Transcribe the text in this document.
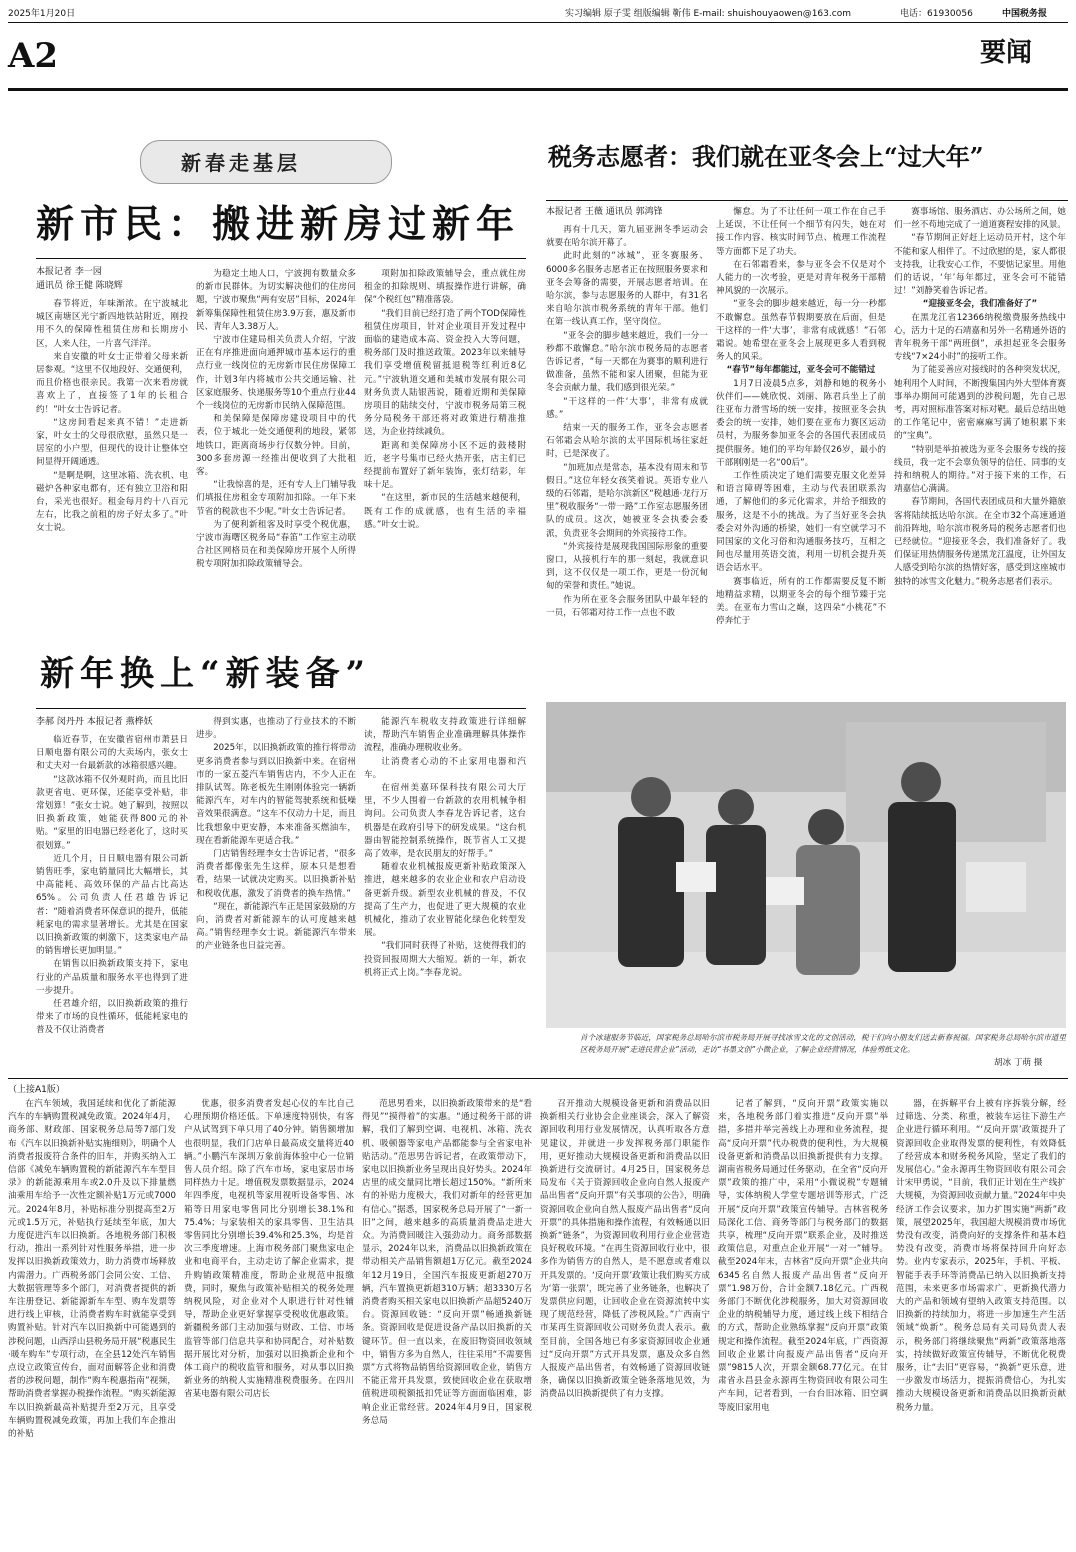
2025年1月20日	实习编辑 原子雯 组版编辑 靳伟 E-mail: shuishouyaowen@163.com	电话：61930056	中国税务报
A2	要闻
新春走基层
新市民：搬进新房过新年
本报记者 李一园
通讯员 徐王健 陈晓辉

春节将近，年味渐浓。在宁波城北城区南塘区光宁新四地铁站附近，刚投用不久的保障性租赁住房和长期房小区，人来人往，一片喜气洋洋。

来自安徽的叶女士正带着父母来新居参观。“这里不仅地段好、交通便利，而且价格也很亲民。我第一次来看房就喜欢上了，直接签了1年的长租合约！”叶女士告诉记者。

“这房间看起来真不错！”走进新家，叶女士的父母很欣慰，虽然只是一居室的小户型，但现代的设计让整体空间显得开阔通透。

“是啊是啊，这里冰箱、洗衣机、电磁炉各种家电都有，还有独立卫浴和阳台，采光也很好。租金每月约十八百元左右，比我之前租的房子好太多了。”叶女士说。

为稳定土地人口，宁波拥有数量众多的新市民群体。为切实解决他们的住房问题，宁波市聚焦“两有安居”目标，2024年新筹集保障性租赁住房3.9万套，惠及新市民、青年人3.38万人。

宁波市住建局相关负责人介绍，宁波正在有序推进面向通押城市基本运行的重点行业一线岗位的无房新市民住房保障工作，计划3年内将城市公共交通运输、社区家庭服务、快递服务等10个重点行业44个一线岗位的无房新市民纳入保障范围。

和美保障是保障房建设项目中的代表，位于城北一处交通便利的地段，紧邻地铁口，距离商场步行仅数分钟。目前，300多套房源一经推出便收到了大批租客。

“让我惊喜的是，还有专人上门辅导我们填报住房租金专项附加扣除。一年下来节省的税款也不少呢。”叶女士告诉记者。

为了便利新租客及时享受个税优惠，宁波市海曙区税务局“春笛”工作室主动联合社区网格员在和美保障房开展个人所得税专项附加扣除政策辅导会。

项附加扣除政策辅导会，重点就住房租金的扣除规则、填报操作进行讲解，确保“个税红包”精准落袋。

“我们目前已经打造了两个TOD保障性租赁住房项目，针对企业项目开发过程中面临的建造成本高、资金投入大等问题，税务部门及时推送政策。2023年以来辅导我们享受增值税留抵退税等红利近8亿元。”宁波轨道交通和美城市发展有限公司财务负责人陆银茜说，随着近期和美保障房项目的陆续交付，宁波市税务局第三税务分局税务干部还将对政策进行精准推送，为企业持续减负。

距离和美保障房小区不远的鼓楼附近，老字号集市已经火热开张，店主们已经提前布置好了新年装饰，张灯结彩，年味十足。

“在这里，新市民的生活越来越便利，既有工作的成就感，也有生活的幸福感。”叶女士说。

新年换上“新装备”
李郝 闵丹丹 本报记者 燕桦妖

临近春节，在安徽省宿州市萧县日日顺电器有限公司的大卖场内，张女士和丈夫对一台最新款的冰箱很感兴趣。

“这款冰箱不仅外观时尚，而且比旧款更省电、更环保，还能享受补贴，非常划算！”张女士说。她了解到，按照以旧换新政策，她能获得800元的补贴。“家里的旧电器已经老化了，这时买很划算。”

近几个月，日日顺电器有限公司新销售旺季，家电销量同比大幅增长，其中高能耗、高效环保的产品占比高达65%。公司负责人任君雄告诉记者：“随着消费者环保意识的提升，低能耗家电的需求显著增长。尤其是在国家以旧换新政策的刺激下，这类家电产品的销售增长更加明显。”

在销售以旧换新政策支持下，家电行业的产品质量和服务水平也得到了进一步提升。

任君雄介绍，以旧换新政策的推行带来了市场的良性循环，低能耗家电的普及不仅让消费者

得到实惠，也推动了行业技术的不断进步。

2025年，以旧换新政策的推行将带动更多消费者参与到以旧换新中来。在宿州市的一家五菱汽车销售店内，不少人正在排队试驾。陈老板先生刚刚体验完一辆新能源汽车，对车内的智能驾驶系统和低噪音效果很满意。“这车不仅动力十足，而且比我想象中更安静，本来准备买燃油车，现在看新能源车更适合我。”

门店销售经理李女士告诉记者，“很多消费者都像张先生这样，原本只是想看看，结果一试就决定购买。以旧换新补贴和税收优惠，激发了消费者的换车热情。”

“现在，新能源汽车正是国家鼓励的方向，消费者对新能源车的认可度越来越高。”销售经理李女士说。新能源汽车带来的产业链条也日益完善。

能源汽车税收支持政策进行详细解读，帮助汽车销售企业准确理解具体操作流程，准确办理税收业务。

让消费者心动的不止家用电器和汽车。

在宿州美嘉环保科技有限公司大厅里，不少人围着一台新款的农用机械争相询问。公司负责人李春龙告诉记者，这台机器是在政府引导下的研发成果。“这台机器由智能控制系统操作，既节省人工又提高了效率，是农民朋友的好帮手。”

随着农业机械报废更新补贴政策深入推进，越来越多的农业企业和农户启动设备更新升级。新型农业机械的普及，不仅提高了生产力，也促进了更大规模的农业机械化，推动了农业智能化绿色化转型发展。

“我们同时获得了补贴，这使得我们的投资回报周期大大缩短。新的一年，新农机将正式上岗。”李春龙说。

税务志愿者：我们就在亚冬会上“过大年”
本报记者 王薇 通讯员 郭鸿锋

再有十几天，第九届亚洲冬季运动会就要在哈尔滨开幕了。

此时此刻的“冰城”，亚冬赛服务、6000多名服务志愿者正在按照服务要求和亚冬会筹备的需要，开展志愿者培训。在哈尔滨，参与志愿服务的人群中，有31名来自哈尔滨市税务系统的青年干部。他们在第一线认真工作，坚守岗位。

“亚冬会的脚步越来越近，我们一分一秒都不敢懈怠。”哈尔滨市税务局的志愿者告诉记者，“每一天都在为赛事的顺利进行做准备，虽然不能和家人团聚，但能为亚冬会贡献力量，我们感到很光荣。”

“干这样的一件‘大事’，非常有成就感。”

结束一天的服务工作，亚冬会志愿者石邻霜会从哈尔滨的太平国际机场往家赶时，已是深夜了。

“加班加点是常态，基本没有周末和节假日。”这位年轻女孩笑着说。英语专业八级的石邻霜，是哈尔滨新区“税越通·龙行万里”税收服务“一带一路”工作室志愿服务团队的成员。这次，她被亚冬会执委会委派，负责亚冬会期间的外宾接待工作。

“外宾接待是展现我国国际形象的重要窗口，从接机行车的那一刻起，我就意识到，这不仅仅是一项工作，更是一份沉甸甸的荣誉和责任。”她说。

作为所在亚冬会服务团队中最年轻的一员，石邻霜对待工作一点也不敢

懈怠。为了不让任何一项工作在自己手上延误，不让任何一个细节有闪失，她在对接工作内容、核实时间节点、梳理工作流程等方面都下足了功夫。

在石邻霜看来，参与亚冬会不仅是对个人能力的一次考验，更是对青年税务干部精神风貌的一次展示。

“亚冬会的脚步越来越近，每一分一秒都不敢懈怠。虽然春节假期要放在后面，但是干这样的一件‘大事’，非常有成就感！”石邻霜说。她希望在亚冬会上展现更多人看到税务人的风采。

“春节”每年都能过，亚冬会可不能错过

1月7日凌晨5点多，刘静和她的税务小伙伴们——姚欣悦、刘丽、陈君兵坐上了前往亚布力滑雪场的统一安排，按照亚冬会执委会的统一安排，她们要在亚布力赛区运动员村，为服务参加亚冬会的各国代表团成员提供服务。她们的平均年龄仅26岁，最小的干部刚刚是一名“00后”。

工作性质决定了她们需要克服文化差异和语言障碍等困难，主动与代表团联系沟通，了解他们的多元化需求，并给予细致的服务，这是不小的挑战。为了当好亚冬会执委会对外沟通的桥梁，她们一有空就学习不同国家的文化习俗和沟通服务技巧，互相之间也尽量用英语交流，利用一切机会提升英语会话水平。

赛事临近，所有的工作都需要反复不断地精益求精，以期亚冬会的每个细节臻于完美。在亚布力雪山之巅，这四朵“小桃花”不停奔忙于

赛事场馆、服务酒店、办公场所之间，她们一丝不苟地完成了一道道赛程安排的风景。

“春节期间正好赶上运动员开村，这个年不能和家人相伴了。不过欣慰的是，家人都很支持我，让我安心工作，不要惦记家里。用他们的话说，‘年’每年都过，亚冬会可不能错过！”刘静笑着告诉记者。

“迎接亚冬会，我们准备好了”

在黑龙江省12366纳税缴费服务热线中心，活力十足的石靖嘉和另外一名精通外语的青年税务干部“两班倒”，承担起亚冬会服务专线“7×24小时”的接听工作。

为了能妥善应对接线时的各种突发状况，她利用个人时间，不断搜集国内外大型体育赛事举办期间可能遇到的涉税问题，先自己思考，再对照标准答案对标对靶。最后总结出她的工作笔记中，密密麻麻写满了她积累下来的“宝典”。

“特别是举拍被选为亚冬会服务专线的接线员，我一定不会辜负领导的信任、同事的支持和纳税人的期待。”对于接下来的工作，石靖嘉信心满满。

春节期间，各国代表团成员和大量外籍旅客将陆续抵达哈尔滨。在全市32个高速通道前沿阵地，哈尔滨市税务局的税务志愿者们也已经就位。“迎接亚冬会，我们准备好了。我们保证用热情服务传递黑龙江温度，让外国友人感受到哈尔滨的热情好客，感受到这座城市独特的冰雪文化魅力。”税务志愿者们表示。

首个冰建服务节临近，国家税务总局哈尔滨市税务局开展寻找冰雪文化的文创活动，税干们向小朋友们送去新春祝福。国家税务总局哈尔滨市道里区税务局开展“走进民营企业”活动，走访“书墨文创”小微企业，了解企业经营情况，体验剪纸文化。
胡冰 丁萌 摄
（上接A1版）

在汽车领域，我国延续和优化了新能源汽车的车辆购置税减免政策。2024年4月，商务部、财政部、国家税务总局等7部门发布《汽车以旧换新补贴实施细则》，明确个人消费者报废符合条件的旧车，并购买纳入工信部《减免车辆购置税的新能源汽车车型目录》的新能源乘用车或2.0升及以下排量燃油乘用车给予一次性定额补贴1万元或7000元。2024年8月，补贴标准分别提高至2万元或1.5万元，补贴执行延续至年底，加大力度促进汽车以旧换新。各地税务部门积极行动，推出一系列针对性服务举措，进一步发挥以旧换新政策效力，助力消费市场释放内需潜力。广西税务部门会同公安、工信、大数据管理等多个部门，对消费者提供的新车注册登记、新能源新车车型、购车发票等进行线上审核，让消费者购车时就能享受到购置补贴。针对汽车以旧换新中可能遇到的涉税问题，山西浮山县税务局开展“税惠民生·暖车购车”专项行动，在全县12处汽车销售点设立政策宣传台，面对面解答企业和消费者的涉税问题，制作“购车税惠指南”视频，帮助消费者掌握办税操作流程。“购买新能源车以旧换新最高补贴提升至2万元，且享受车辆购置税减免政策，再加上我们车企推出的补贴

优惠，很多消费者发起心仪的车比自己心理预期价格还低。下单速度特别快，有客户从试驾到下单只用了40分钟。销售额增加也很明显，我们门店单日最高成交量将近40辆。”小鹏汽车深圳万象前海体验中心一位销售人员介绍。除了汽车市场，家电家居市场同样热力十足。增值税发票数据显示，2024年四季度，电视机等家用视听设备零售、冰箱等日用家电零售同比分别增长38.1%和75.4%；与家装相关的家具零售、卫生洁具零售同比分别增长39.4%和25.3%，均是首次三季度增速。上海市税务部门聚焦家电企业和电商平台，主动走访了解企业需求，提升购销政策精准度，帮助企业规范申报缴费，同时，聚焦与政策补贴相关的税务处理纳税风险，对企业对个人职进行针对性辅导，帮助企业更好掌握享受税收优惠政策。新疆税务部门主动加强与财政、工信、市场监管等部门信息共享和协同配合，对补贴数据开展比对分析，加强对以旧换新企业和个体工商户的税收监管和服务，对从事以旧换新业务的纳税人实施精准税费服务。在四川省某电器有限公司店长

范思男看来，以旧换新政策带来的是“看得见”“摸得着”的实惠。“通过税务干部的讲解，我们了解到空调、电视机、冰箱、洗衣机、吸顿器等家电产品都能参与全省家电补贴活动。”范思男告诉记者，在政策带动下，家电以旧换新业务呈现出良好势头。2024年店里的成交量同比增长超过150%。“新所来有的补贴力度极大，我们对新年的经营更加有信心。”据悉，国家税务总局开展了“一新一旧”之间，越来越多的高质量消费品走进大众。为消费回暖注入强劲动力。商务部数据显示，2024年以来，消费品以旧换新政策在带动相关产品销售额超1万亿元。截至2024年12月19日，全国汽车报废更新超270万辆，汽车置换更新超310万辆；超3330万名消费者购买相关家电以旧换新产品超5240万台。资源回收链：“反向开票”畅通换新链条。资源回收是促进设备产品以旧换新的关键环节。但一直以来，在废旧物资回收领域中，销售方多为自然人，往往采用“不需要售票”方式将物品销售给资源回收企业，销售方不能正常开具发票，致使回收企业在获取增值税进项税额抵扣凭证等方面面临困难，影响企业正常经营。2024年4月9日，国家税务总局

召开推动大规模设备更新和消费品以旧换新相关行业协会企业座谈会，深入了解资源回收利用行业发展情况，认真听取各方意见建议，并就进一步发挥税务部门职能作用，更好推动大规模设备更新和消费品以旧换新进行交流研讨。4月25日，国家税务总局发布《关于资源回收企业向自然人报废产品出售者“反向开票”有关事项的公告》，明确资源回收企业向自然人报废产品出售者“反向开票”的具体措施和操作流程，有效畅通以旧换新“链条”，为资源回收利用行业企业营造良好税收环境。“在再生资源回收行业中，很多作为销售方的自然人，是不愿意或者难以开具发票的。‘反向开票’政策让我们购买方成为‘第一张票’，既完善了业务链条，也解决了发票供应问题，让回收企业在资源流转中实现了规范经营，降低了涉税风险。”广西南宁市某再生资源回收公司财务负责人表示。截至目前，全国各地已有多家资源回收企业通过“反向开票”方式开具发票，惠及众多自然人报废产品出售者，有效畅通了资源回收链条，确保以旧换新政策全链条落地见效，为消费品以旧换新提供了有力支撑。

记者了解到，“反向开票”政策实施以来，各地税务部门着实推进“反向开票”举措，多措并举完善线上办理和业务流程，提高“反向开票”代办税费的便利性，为大规模设备更新和消费品以旧换新提供有力支撑。湖南省税务局通过任务驱动，在全省“反向开票”政策的推广中，采用“小微说税”专题辅导，实体纳税人学堂专题培训等形式，广泛开展“反向开票”政策宣传辅导。吉林省税务局深化工信、商务等部门与税务部门的数据共享，梳理“反向开票”联系企业，及时推送政策信息，对重点企业开展“一对一”辅导。截至2024年末，吉林省“反向开票”企业共向6345名自然人报废产品出售者“反向开票”1.98万份，合计金额7.18亿元。广西税务部门不断优化涉税服务，加大对资源回收企业的纳税辅导力度，通过线上线下相结合的方式，帮助企业熟练掌握“反向开票”政策规定和操作流程。截至2024年底，广西资源回收企业累计向报废产品出售者“反向开票”9815人次，开票金额68.77亿元。在甘肃省永昌县金永源再生物资回收有限公司生产车间，记者看到，一台台旧冰箱、旧空调等废旧家用电

器，在拆解平台上被有序拆装分解，经过筛选、分类、称重，被装车运往下游生产企业进行循环利用。“‘反向开票’政策提升了资源回收企业取得发票的便利性，有效降低了经营成本和财务税务风险，坚定了我们的发展信心。”金永源再生物资回收有限公司会计宋甲勇说，“目前，我们正计划在生产线扩大规模，为资源回收贡献力量。”2024年中央经济工作会议要求，加力扩围实施“两新”政策，展望2025年，我国超大规模消费市场优势没有改变，消费向好的支撑条件和基本趋势没有改变，消费市场将保持回升向好态势。业内专家表示，2025年，手机、平板、智能手表手环等消费品已纳入以旧换新支持范围，未来更多市场需求广、更新换代潜力大的产品和领域有望纳入政策支持范围。以旧换新的持续加力，将进一步加速生产生活领域“焕新”。税务总局有关司局负责人表示，税务部门将继续聚焦“两新”政策落地落实，持续做好政策宣传辅导，不断优化税费服务，让“去旧”更容易，“换新”更乐意，进一步激发市场活力，提振消费信心，为扎实推动大规模设备更新和消费品以旧换新贡献税务力量。
